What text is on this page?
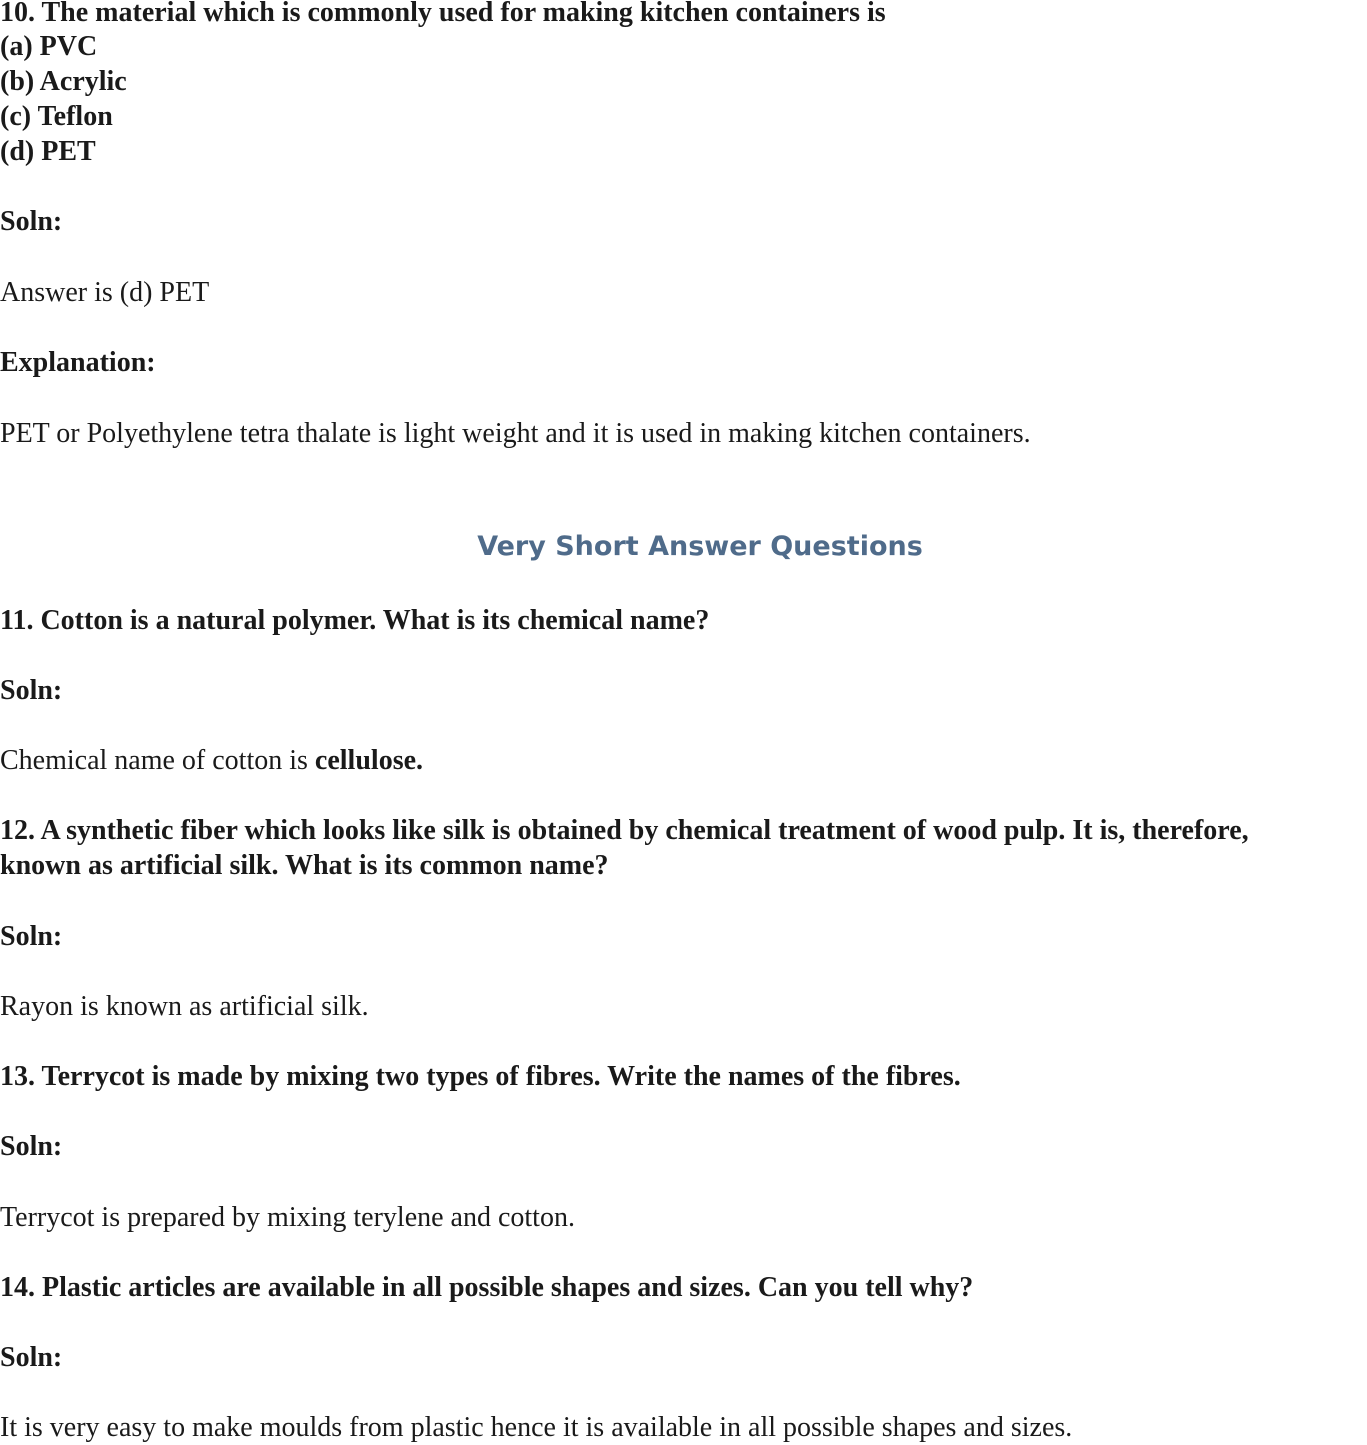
10. The material which is commonly used for making kitchen containers is

(a) PVC

(b) Acrylic

(c) Teflon

(d) PET

Soln:

Answer is (d) PET

Explanation:

PET or Polyethylene tetra thalate is light weight and it is used in making kitchen containers.

Very Short Answer Questions

11. Cotton is a natural polymer. What is its chemical name?

Soln:

Chemical name of cotton is cellulose.

12. A synthetic fiber which looks like silk is obtained by chemical treatment of wood pulp. It is, therefore,
known as artificial silk. What is its common name?

Soln:

Rayon is known as artificial silk.

13. Terrycot is made by mixing two types of fibres. Write the names of the fibres.

Soln:

Terrycot is prepared by mixing terylene and cotton.

14. Plastic articles are available in all possible shapes and sizes. Can you tell why?

Soln:

It is very easy to make moulds from plastic hence it is available in all possible shapes and sizes.
